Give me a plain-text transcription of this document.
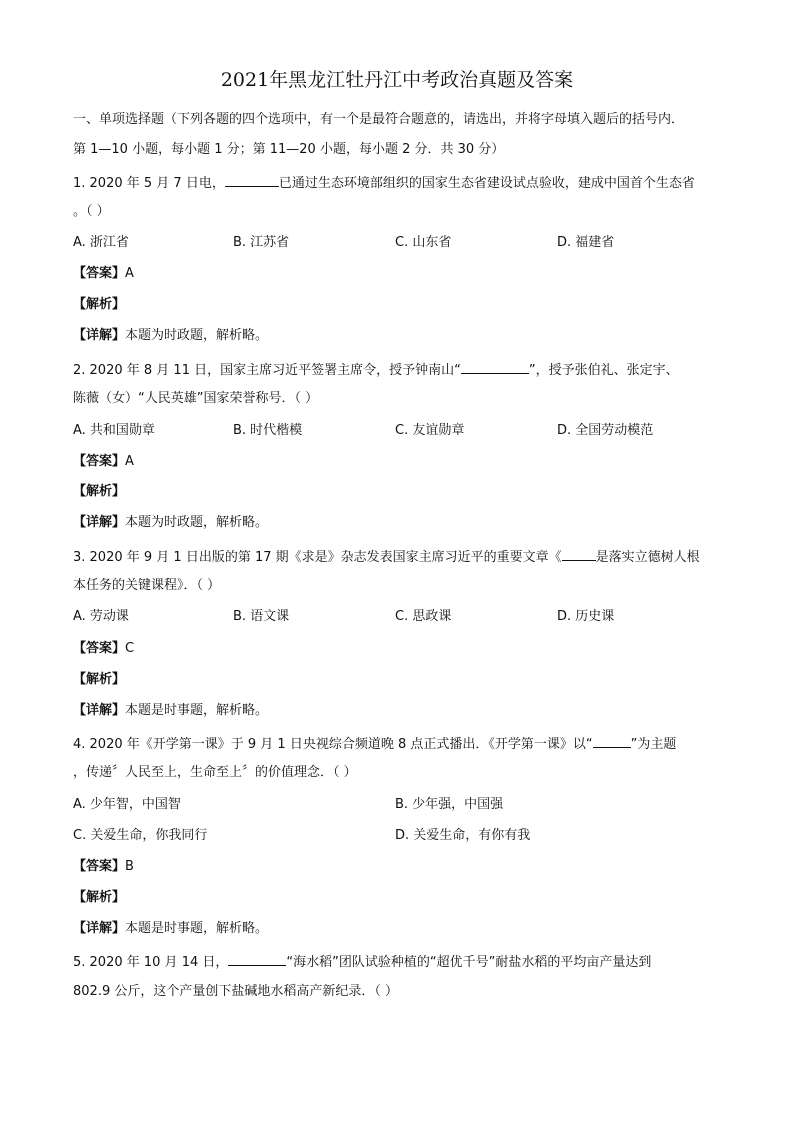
2021年黑龙江牡丹江中考政治真题及答案
一、单项选择题（下列各题的四个选项中，有一个是最符合题意的，请选出，并将字母填入题后的括号内．
第 1—10 小题，每小题 1 分；第 11—20 小题，每小题 2 分．共 30 分）
1. 2020 年 5 月 7 日电，	已通过生态环境部组织的国家生态省建设试点验收，建成中国首个生态省
。（ ）
A. 浙江省	B. 江苏省	C. 山东省	D. 福建省
【答案】A
【解析】
【详解】本题为时政题，解析略。
2. 2020 年 8 月 11 日，国家主席习近平签署主席令，授予钟南山“	”，授予张伯礼、张定宇、
陈薇（女）“人民英雄”国家荣誉称号．（ ）
A. 共和国勋章	B. 时代楷模	C. 友谊勋章	D. 全国劳动模范
【答案】A
【解析】
【详解】本题为时政题，解析略。
3. 2020 年 9 月 1 日出版的第 17 期《求是》杂志发表国家主席习近平的重要文章《	是落实立德树人根
本任务的关键课程》．（ ）
A. 劳动课	B. 语文课	C. 思政课	D. 历史课
【答案】C
【解析】
【详解】本题是时事题，解析略。
4. 2020 年《开学第一课》于 9 月 1 日央视综合频道晚 8 点正式播出．《开学第一课》以“	”为主题
，传递〞人民至上，生命至上〞的价值理念．（ ）
A. 少年智，中国智	B. 少年强，中国强
C. 关爱生命，你我同行	D. 关爱生命，有你有我
【答案】B
【解析】
【详解】本题是时事题，解析略。
5. 2020 年 10 月 14 日，	“海水稻”团队试验种植的“超优千号”耐盐水稻的平均亩产量达到
802.9 公斤，这个产量创下盐碱地水稻高产新纪录．（ ）
